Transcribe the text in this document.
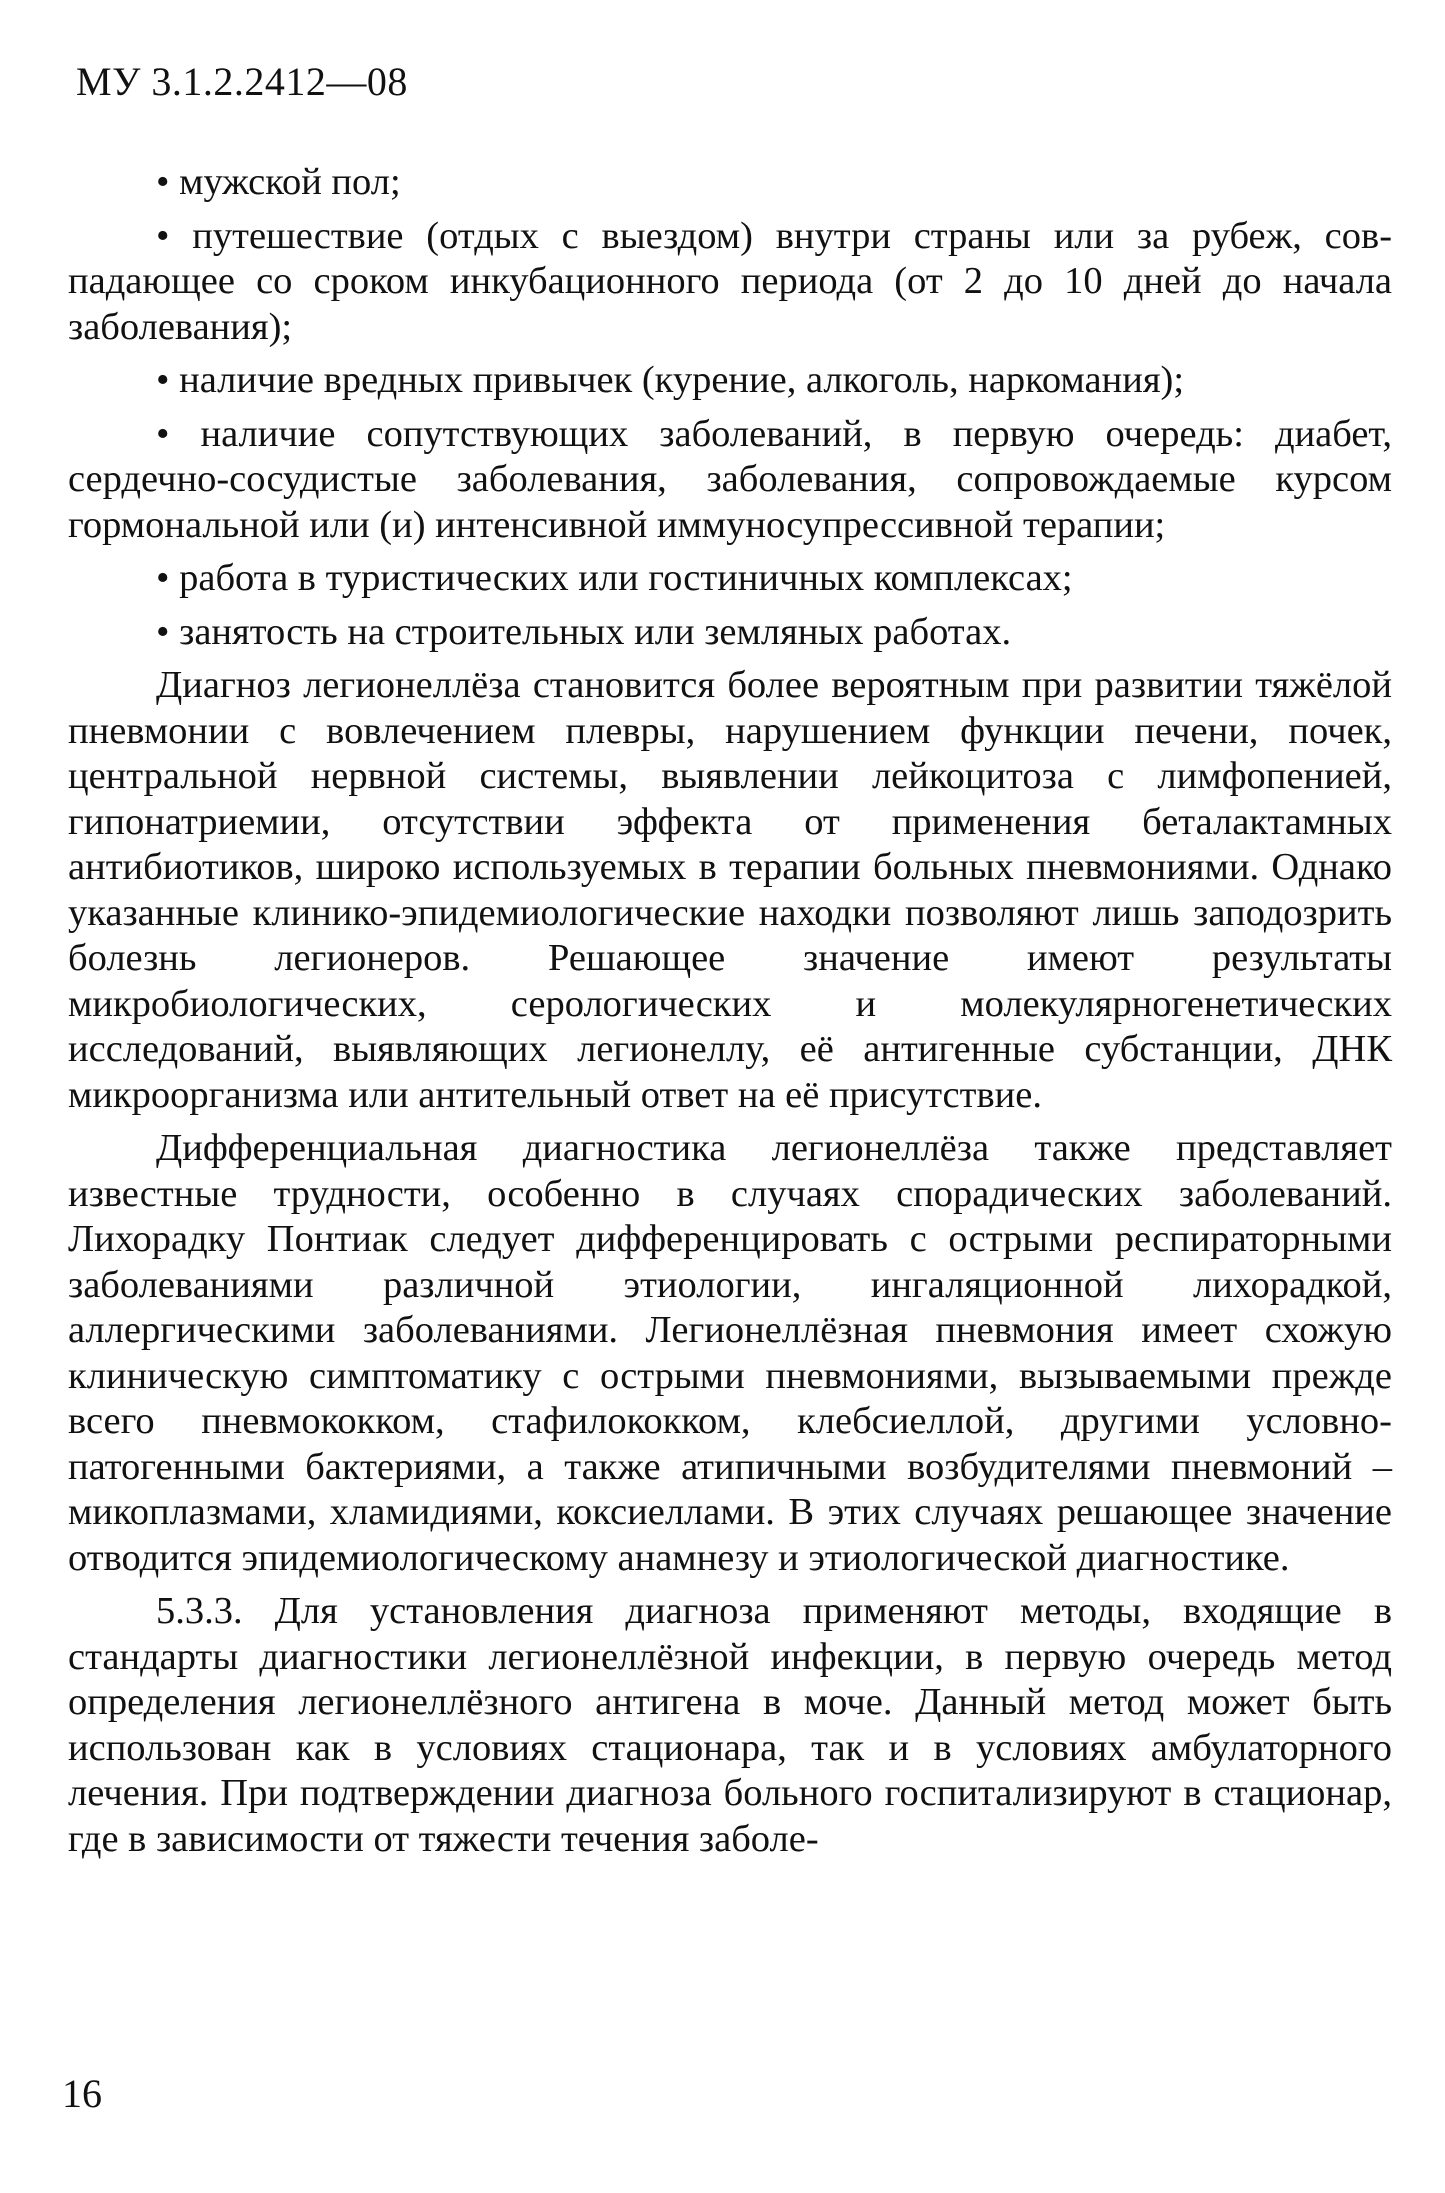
МУ 3.1.2.2412—08

• мужской пол;

• путешествие (отдых с выездом) внутри страны или за рубеж, совпадающее со сроком инкубационного периода (от 2 до 10 дней до начала заболевания);

• наличие вредных привычек (курение, алкоголь, наркомания);

• наличие сопутствующих заболеваний, в первую очередь: диабет, сердечно-сосудистые заболевания, заболевания, сопровождаемые курсом гормональной или (и) интенсивной иммуносупрессивной терапии;

• работа в туристических или гостиничных комплексах;

• занятость на строительных или земляных работах.

Диагноз легионеллёза становится более вероятным при развитии тяжёлой пневмонии с вовлечением плевры, нарушением функции печени, почек, центральной нервной системы, выявлении лейкоцитоза с лимфопенией, гипонатриемии, отсутствии эффекта от применения беталактамных антибиотиков, широко используемых в терапии больных пневмониями. Однако указанные клинико-эпидемиологические находки позволяют лишь заподозрить болезнь легионеров. Решающее значение имеют результаты микробиологических, серологических и молекулярногенетических исследований, выявляющих легионеллу, её антигенные субстанции, ДНК микроорганизма или антительный ответ на её присутствие.

Дифференциальная диагностика легионеллёза также представляет известные трудности, особенно в случаях спорадических заболеваний. Лихорадку Понтиак следует дифференцировать с острыми респираторными заболеваниями различной этиологии, ингаляционной лихорадкой, аллергическими заболеваниями. Легионеллёзная пневмония имеет схожую клиническую симптоматику с острыми пневмониями, вызываемыми прежде всего пневмококком, стафилококком, клебсиеллой, другими условно-патогенными бактериями, а также атипичными возбудителями пневмоний – микоплазмами, хламидиями, коксиеллами. В этих случаях решающее значение отводится эпидемиологическому анамнезу и этиологической диагностике.

5.3.3. Для установления диагноза применяют методы, входящие в стандарты диагностики легионеллёзной инфекции, в первую очередь метод определения легионеллёзного антигена в моче. Данный метод может быть использован как в условиях стационара, так и в условиях амбулаторного лечения. При подтверждении диагноза больного госпитализируют в стационар, где в зависимости от тяжести течения заболе-

16
